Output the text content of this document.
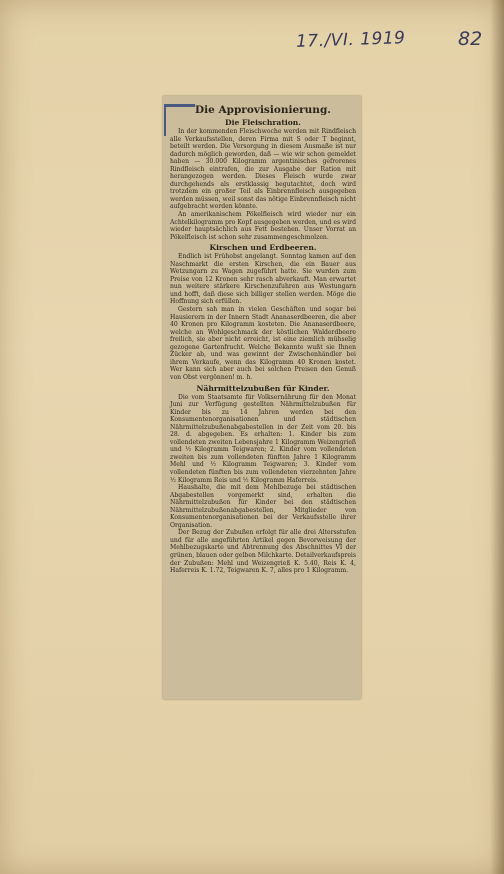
17./VI. 1919	82
Die Approvisionierung.
Die Fleischration.

In der kommenden Fleischwoche werden mit Rindfleisch alle Verkaufsstellen, deren Firma mit S oder T beginnt, beteilt werden. Die Versorgung in diesem Ausmaße ist nur dadurch möglich geworden, daß — wie wir schon gemeldet haben — 30.000 Kilogramm argentinisches gefrorenes Rindfleisch eintrafen, die zur Ausgabe der Ration mit herangezogen werden. Dieses Fleisch wurde zwar durchgehends als erstklassig begutachtet, doch wird trotzdem ein großer Teil als Einbrennfleisch ausgegeben werden müssen, weil sonst das nötige Einbrennfleisch nicht aufgebracht werden könnte.

An amerikanischem Pökelfleisch wird wieder nur ein Achtelkilogramm pro Kopf ausgegeben werden, und es wird wieder hauptsächlich aus Fett bestehen. Unser Vorrat an Pökelfleisch ist schon sehr zusammengeschmolzen.

Kirschen und Erdbeeren.

Endlich ist Frühobst angelangt. Sonntag kamen auf den Naschmarkt die ersten Kirschen, die ein Bauer aus Wetzungarn zu Wagen zugeführt hatte. Sie wurden zum Preise von 12 Kronen sehr rasch abverkauft. Man erwartet nun weitere stärkere Kirschenzufuhren aus Westungarn und hofft, daß diese sich billiger stellen werden. Möge die Hoffnung sich erfüllen.

Gestern sah man in vielen Geschäften und sogar bei Hausierern in der Innern Stadt Ananaserdbeeren, die aber 40 Kronen pro Kilogramm kosteten. Die Ananaserdbeere, welche an Wohlgeschmack der köstlichen Walderdbeere freilich, sie aber nicht erreicht, ist eine ziemlich mühselig gezogene Gartenfrucht. Welche Bekannte wußt sie Ihnen Zücker ab, und was gewinnt der Zwischenhändler bei ihrem Verkaufe, wenn das Kilogramm 40 Kronen kostet. Wer kann sich aber auch bei solchen Preisen den Genuß von Obst vergönnen! m. h.

Nährmittelzubußen für Kinder.

Die vom Staatsamte für Volksernährung für den Monat Juni zur Verfügung gestellten Nährmittelzubußen für Kinder bis zu 14 Jahren werden bei den Konsumentenorganisationen und städtischen Nährmittelzubußenabgabestellen in der Zeit vom 20. bis 28. d. abgegeben. Es erhalten: 1. Kinder bis zum vollendeten zweiten Lebensjahre 1 Kilogramm Weizengrieß und ½ Kilogramm Teigwaren; 2. Kinder vom vollendeten zweiten bis zum vollendeten fünften Jahre 1 Kilogramm Mehl und ½ Kilogramm Teigwaren; 3. Kinder vom vollendeten fünften bis zum vollendeten vierzehnten Jahre ½ Kilogramm Reis und ½ Kilogramm Haferreis.

Haushalte, die mit dem Mehlbezuge bei städtischen Abgabestellen vorgemerkt sind, erhalten die Nährmittelzubußen für Kinder bei den städtischen Nährmittelzubußenabgabestellen, Mitglieder von Konsumentenorganisationen bei der Verkaufsstelle ihrer Organisation.

Der Bezug der Zubußen erfolgt für alle drei Altersstufen und für alle angeführten Artikel gegen Bevorweisung der Mehlbezugskarte und Abtrennung des Abschnittes VI der grünen, blauen oder gelben Milchkarte. Detailverkaufspreis der Zubußen: Mehl und Weizengrieß K. 5.40, Reis K. 4, Haferreis K. 1.72, Teigwaren K. 7, alles pro 1 Kilogramm.
